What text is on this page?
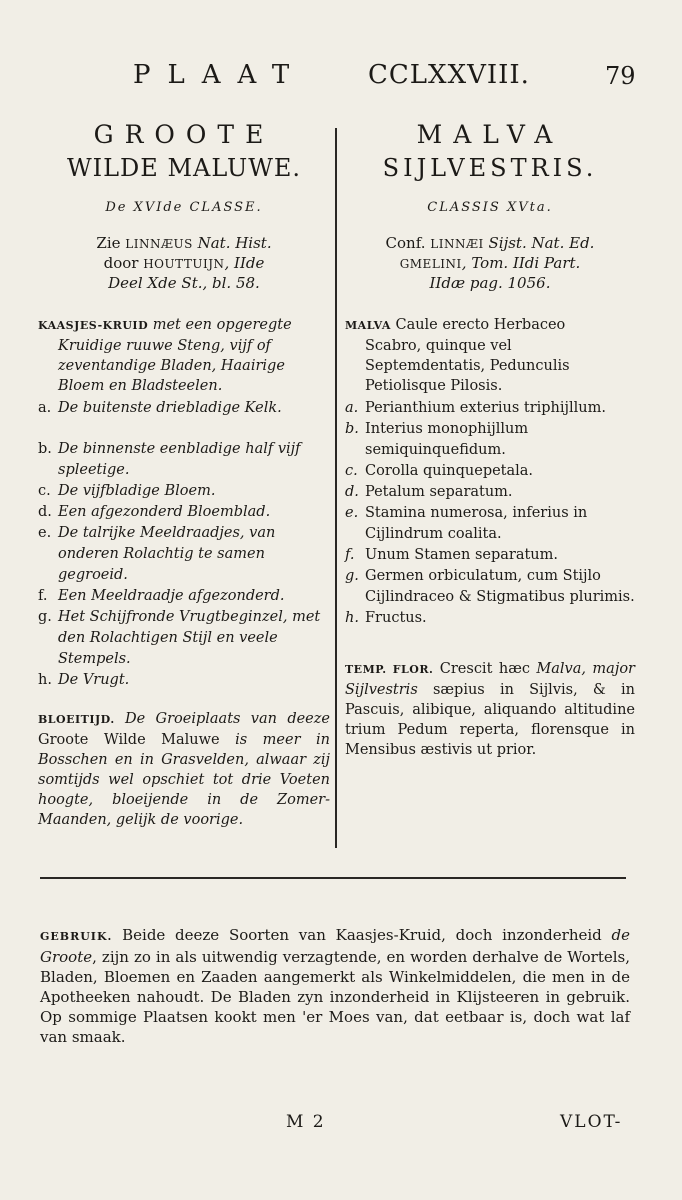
PLAAT CCLXXVIII.	79
GROOTE
WILDE MALUWE.
De XVIde CLASSE.
Zie LINNÆUS Nat. Hist.
door HOUTTUIJN, IIde
Deel Xde St., bl. 58.
KAASJES-KRUID met een opgeregte
Kruidige ruuwe Steng, vijf of zeventandige Bladen, Haairige Bloem en Bladsteelen.
a. De buitenste driebladige Kelk.
b. De binnenste eenbladige half vijf spleetige.
c. De vijfbladige Bloem.
d. Een afgezonderd Bloemblad.
e. De talrijke Meeldraadjes, van onderen Rolachtig te samen gegroeid.
f. Een Meeldraadje afgezonderd.
g. Het Schijfronde Vrugtbeginzel, met den Rolachtigen Stijl en veele Stempels.
h. De Vrugt.
BLOEITIJD. De Groeiplaats van deeze Groote Wilde Maluwe is meer in Bosschen en in Grasvelden, alwaar zij somtijds wel opschiet tot drie Voeten hoogte, bloeijende in de Zomer-Maanden, gelijk de voorige.
MALVA
SIJLVESTRIS.
CLASSIS XVta.
Conf. LINNÆI Sijst. Nat. Ed.
GMELINI, Tom. IIdi Part.
IIdæ pag. 1056.
MALVA Caule erecto Herbaceo
Scabro, quinque vel Septemdentatis, Pedunculis Petiolisque Pilosis.
a. Perianthium exterius triphijllum.
b. Interius monophijllum semiquinquefidum.
c. Corolla quinquepetala.
d. Petalum separatum.
e. Stamina numerosa, inferius in Cijlindrum coalita.
f. Unum Stamen separatum.
g. Germen orbiculatum, cum Stijlo Cijlindraceo & Stigmatibus plurimis.
h. Fructus.
TEMP. FLOR. Crescit hæc Malva, major Sijlvestris sæpius in Sijlvis, & in Pascuis, alibique, aliquando altitudine trium Pedum reperta, florensque in Mensibus æstivis ut prior.
GEBRUIK. Beide deeze Soorten van Kaasjes-Kruid, doch inzonderheid de Groote, zijn zo in als uitwendig verzagtende, en worden derhalve de Wortels, Bladen, Bloemen en Zaaden aangemerkt als Winkelmiddelen, die men in de Apotheeken nahoudt. De Bladen zyn inzonderheid in Klijsteeren in gebruik. Op sommige Plaatsen kookt men 'er Moes van, dat eetbaar is, doch wat laf van smaak.
M 2	VLOT-
